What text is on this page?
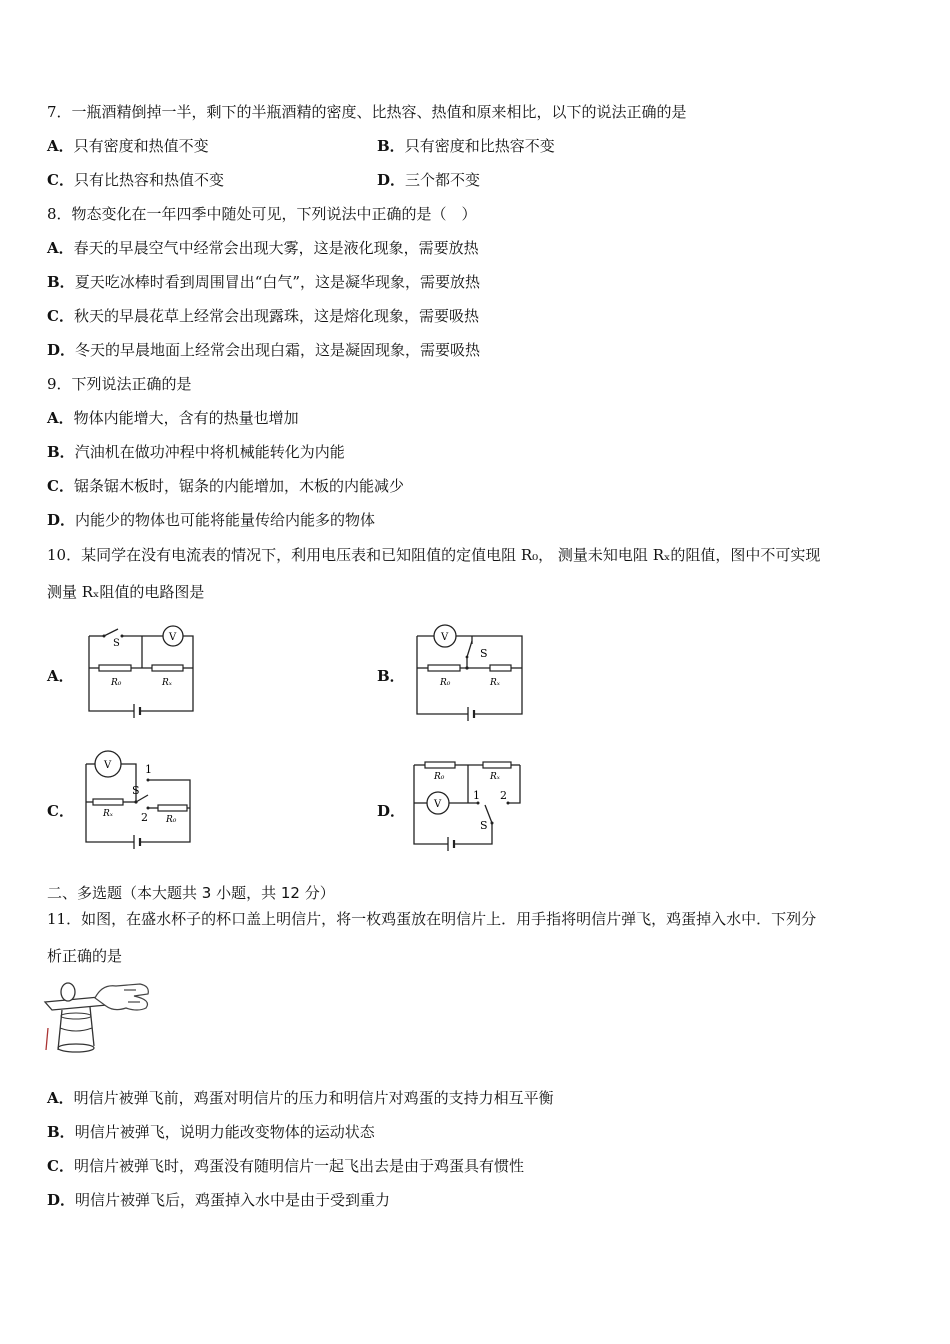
7．一瓶酒精倒掉一半，剩下的半瓶酒精的密度、比热容、热值和原来相比，以下的说法正确的是
A．只有密度和热值不变	B．只有密度和比热容不变
C．只有比热容和热值不变	D．三个都不变
8．物态变化在一年四季中随处可见，下列说法中正确的是（　）
A．春天的早晨空气中经常会出现大雾，这是液化现象，需要放热
B．夏天吃冰棒时看到周围冒出“白气”，这是凝华现象，需要放热
C．秋天的早晨花草上经常会出现露珠，这是熔化现象，需要吸热
D．冬天的早晨地面上经常会出现白霜，这是凝固现象，需要吸热
9．下列说法正确的是
A．物体内能增大，含有的热量也增加
B．汽油机在做功冲程中将机械能转化为内能
C．锯条锯木板时，锯条的内能增加，木板的内能减少
D．内能少的物体也可能将能量传给内能多的物体
10．某同学在没有电流表的情况下，利用电压表和已知阻值的定值电阻 R₀， 测量未知电阻 Rₓ的阻值，图中不可实现
测量 Rₓ阻值的电路图是
A．	B．
C．	D．
S
V
R₀	Rₓ
V
S
R₀	Rₓ
V	1
S
2
Rₓ
R₀
V
R₀	Rₓ
1 2
S
二、多选题（本大题共 3 小题，共 12 分）
11．如图，在盛水杯子的杯口盖上明信片，将一枚鸡蛋放在明信片上．用手指将明信片弹飞，鸡蛋掉入水中．下列分
析正确的是
A．明信片被弹飞前，鸡蛋对明信片的压力和明信片对鸡蛋的支持力相互平衡
B．明信片被弹飞，说明力能改变物体的运动状态
C．明信片被弹飞时，鸡蛋没有随明信片一起飞出去是由于鸡蛋具有惯性
D．明信片被弹飞后，鸡蛋掉入水中是由于受到重力
